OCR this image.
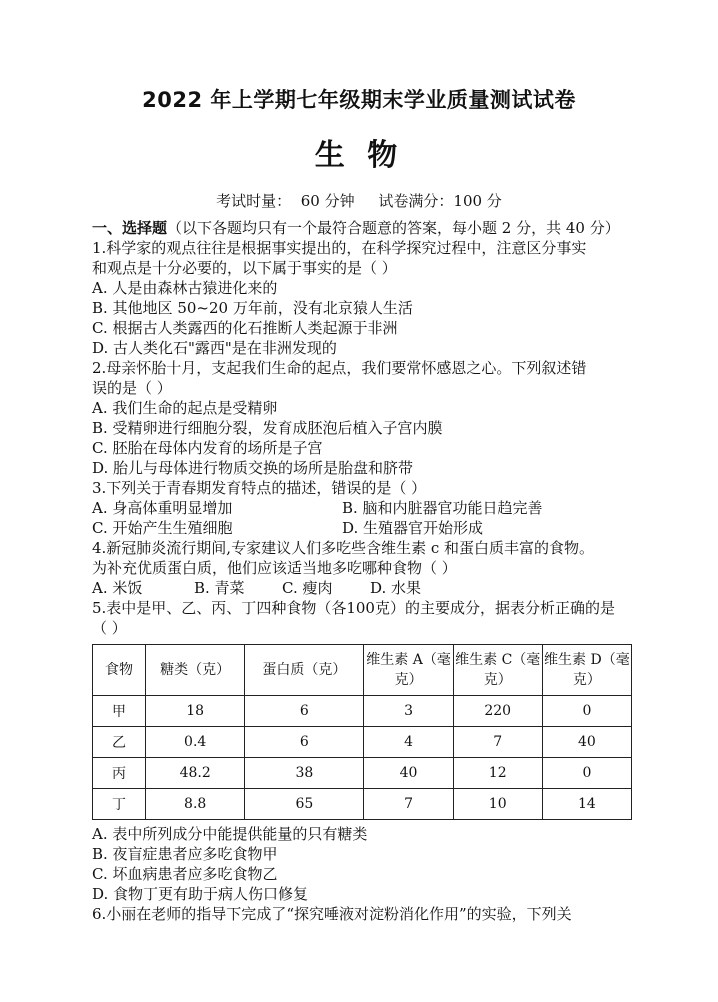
2022 年上学期七年级期末学业质量测试试卷
生 物
考试时量：  60 分钟     试卷满分：100 分
一、选择题（以下各题均只有一个最符合题意的答案，每小题 2 分，共 40 分）
1.科学家的观点往往是根据事实提出的，在科学探究过程中，注意区分事实
和观点是十分必要的，以下属于事实的是（ ）
A. 人是由森林古猿进化来的
B. 其他地区 50~20 万年前，没有北京猿人生活
C. 根据古人类露西的化石推断人类起源于非洲
D. 古人类化石"露西"是在非洲发现的
2.母亲怀胎十月，支起我们生命的起点，我们要常怀感恩之心。下列叙述错
误的是（ ）
A. 我们生命的起点是受精卵
B. 受精卵进行细胞分裂，发育成胚泡后植入子宫内膜
C. 胚胎在母体内发育的场所是子宫
D. 胎儿与母体进行物质交换的场所是胎盘和脐带
3.下列关于青春期发育特点的描述，错误的是（ ）
A. 身高体重明显增加	B. 脑和内脏器官功能日趋完善
C. 开始产生生殖细胞	D. 生殖器官开始形成
4.新冠肺炎流行期间,专家建议人们多吃些含维生素 c 和蛋白质丰富的食物。
为补充优质蛋白质，他们应该适当地多吃哪种食物（ ）
A. 米饭	B. 青菜	C. 瘦肉	D. 水果
5.表中是甲、乙、丙、丁四种食物（各100克）的主要成分，据表分析正确的是
（ ）
食物	糖类（克）	蛋白质（克）	维生素 A（毫克）	维生素 C（毫克）	维生素 D（毫克）
甲	18	6	3	220	0
乙	0.4	6	4	7	40
丙	48.2	38	40	12	0
丁	8.8	65	7	10	14
A. 表中所列成分中能提供能量的只有糖类
B. 夜盲症患者应多吃食物甲
C. 坏血病患者应多吃食物乙
D. 食物丁更有助于病人伤口修复
6.小丽在老师的指导下完成了“探究唾液对淀粉消化作用”的实验，下列关
